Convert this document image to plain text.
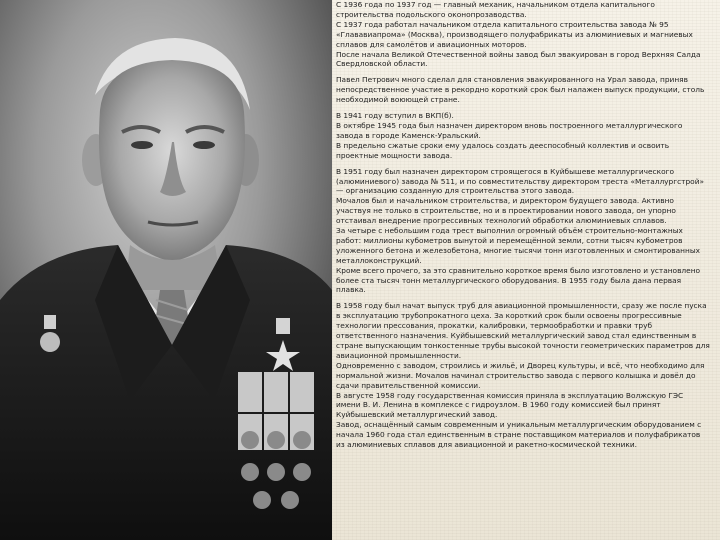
С 1936 года по 1937 год — главный механик, начальником отдела капитального строительства подольского оконопрозаводства.

С 1937 года работал начальником отдела капитального строительства завода № 95 «Глававиапрома» (Москва), производящего полуфабрикаты из алюминиевых и магниевых сплавов для самолётов и авиационных моторов.

После начала Великой Отечественной войны завод был эвакуирован в город Верхняя Салда Свердловской области.

Павел Петрович много сделал для становления эвакуированного на Урал завода, приняв непосредственное участие в рекордно короткий срок был налажен выпуск продукции, столь необходимой воюющей стране.

В 1941 году вступил в ВКП(б).

В октябре 1945 года был назначен директором вновь построенного металлургического завода в городе Каменск-Уральский.

В предельно сжатые сроки ему удалось создать дееспособный коллектив и освоить проектные мощности завода.

В 1951 году был назначен директором строящегося в Куйбышеве металлургического (алюминиевого) завода № 511, и по совместительству директором треста «Металлургстрой» — организацию созданную для строительства этого завода.

Мочалов был и начальником строительства, и директором будущего завода. Активно участвуя не только в строительстве, но и в проектировании нового завода, он упорно отстаивал внедрение прогрессивных технологий обработки алюминиевых сплавов.

За четыре с небольшим года трест выполнил огромный объём строительно-монтажных работ: миллионы кубометров вынутой и перемещённой земли, сотни тысяч кубометров уложенного бетона и железобетона, многие тысячи тонн изготовленных и смонтированных металлоконструкций.

Кроме всего прочего, за это сравнительно короткое время было изготовлено и установлено более ста тысяч тонн металлургического оборудования. В 1955 году была дана первая плавка.

В 1958 году был начат выпуск труб для авиационной промышленности, сразу же после пуска в эксплуатацию трубопрокатного цеха. За короткий срок были освоены прогрессивные технологии прессования, прокатки, калибровки, термообработки и правки труб ответственного назначения. Куйбышевский металлургический завод стал единственным в стране выпускающим тонкостенные трубы высокой точности геометрических параметров для авиационной промышленности.

Одновременно с заводом, строились и жильё, и Дворец культуры, и всё, что необходимо для нормальной жизни. Мочалов начинал строительство завода с первого колышка и довёл до сдачи правительственной комиссии.

В августе 1958 году государственная комиссия приняла в эксплуатацию Волжскую ГЭС имени В. И. Ленина в комплексе с гидроузлом. В 1960 году комиссией был принят Куйбышевский металлургический завод.

Завод, оснащённый самым современным и уникальным металлургическим оборудованием с начала 1960 года стал единственным в стране поставщиком материалов и полуфабрикатов из алюминиевых сплавов для авиационной и ракетно-космической техники.
